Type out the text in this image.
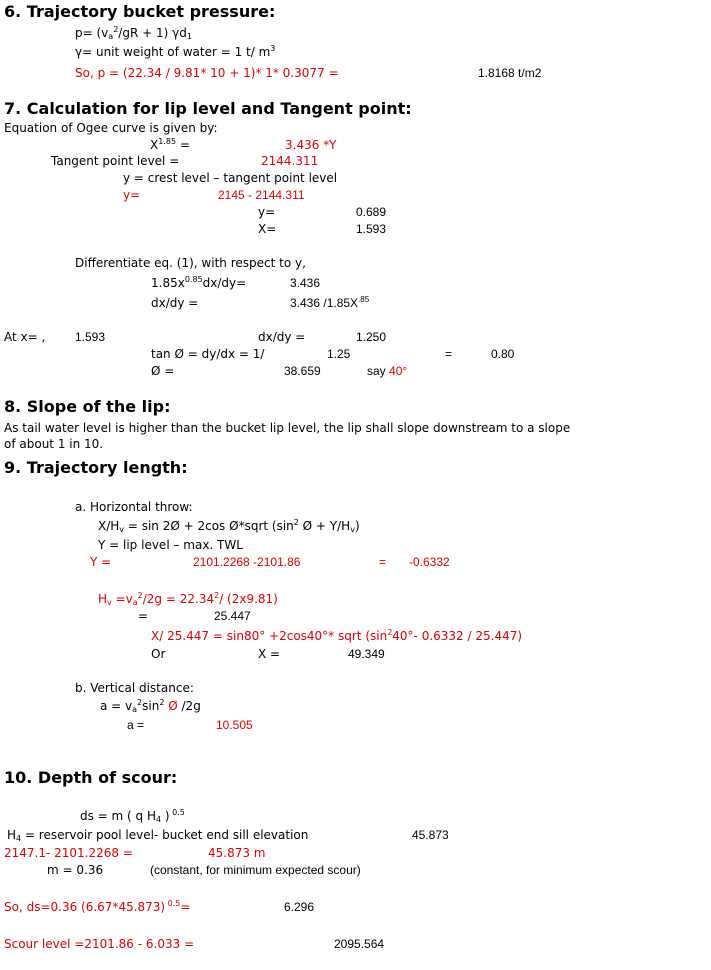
6. Trajectory bucket pressure:
$p= (v_a^2/gR + 1)$ $\gamma d_1$
γ= unit weight of water = 1 t/ $m^3$
So, p = (22.34 / 9.81* 10 + 1)* 1* 0.3077 =	1.8168 t/m2
7. Calculation for lip level and Tangent point:
Equation of Ogee curve is given by:
$X^{1.85}$ =	3.436 *Y
Tangent point level =	2144.311
y = crest level – tangent point level
y=	2145 - 2144.311
y=	0.689
X=	1.593
Differentiate eq. (1), with respect to y,
$1.85x^{0.85}dx/dy=$	3.436
dx/dy =	3.436 $/1.85X^{.85}$
At x= , 1.593	dx/dy =	1.250
tan Ø = dy/dx = 1/	1.25	=	0.80
Ø =	38.659	say 40°
8. Slope of the lip:
As tail water level is higher than the bucket lip level, the lip shall slope downstream to a slope
of about 1 in 10.
9. Trajectory length:
a. Horizontal throw:
$X/H_v = \sin$ 2Ø + 2cos Ø*sqrt ($\sin^2$ Ø + $Y/H_v$)
Y = lip level – max. TWL
Y =	2101.2268 -2101.86	= -0.6332
$H_v =v_a^2/2g = 22.34^2/$ (2x9.81)
=	25.447
X/ 25.447 = sin80° +2cos40°* sqrt ($\sin^240^\circ-$ 0.6332 / 25.447)
Or	X =	49.349
b. Vertical distance:
$a = v_a^2\sin^2$ Ø /2g
a =	10.505
10. Depth of scour:
ds = m ( q $H_4$ ) $^{0.5}$
$H_4$ = reservoir pool level- bucket end sill elevation	45.873
2147.1- 2101.2268 =	45.873 m
m = 0.36	(constant, for minimum expected scour)
So, ds=0.36 (6.67*45.873) $^{0.5}$=	6.296
Scour level =2101.86 - 6.033 =	2095.564
